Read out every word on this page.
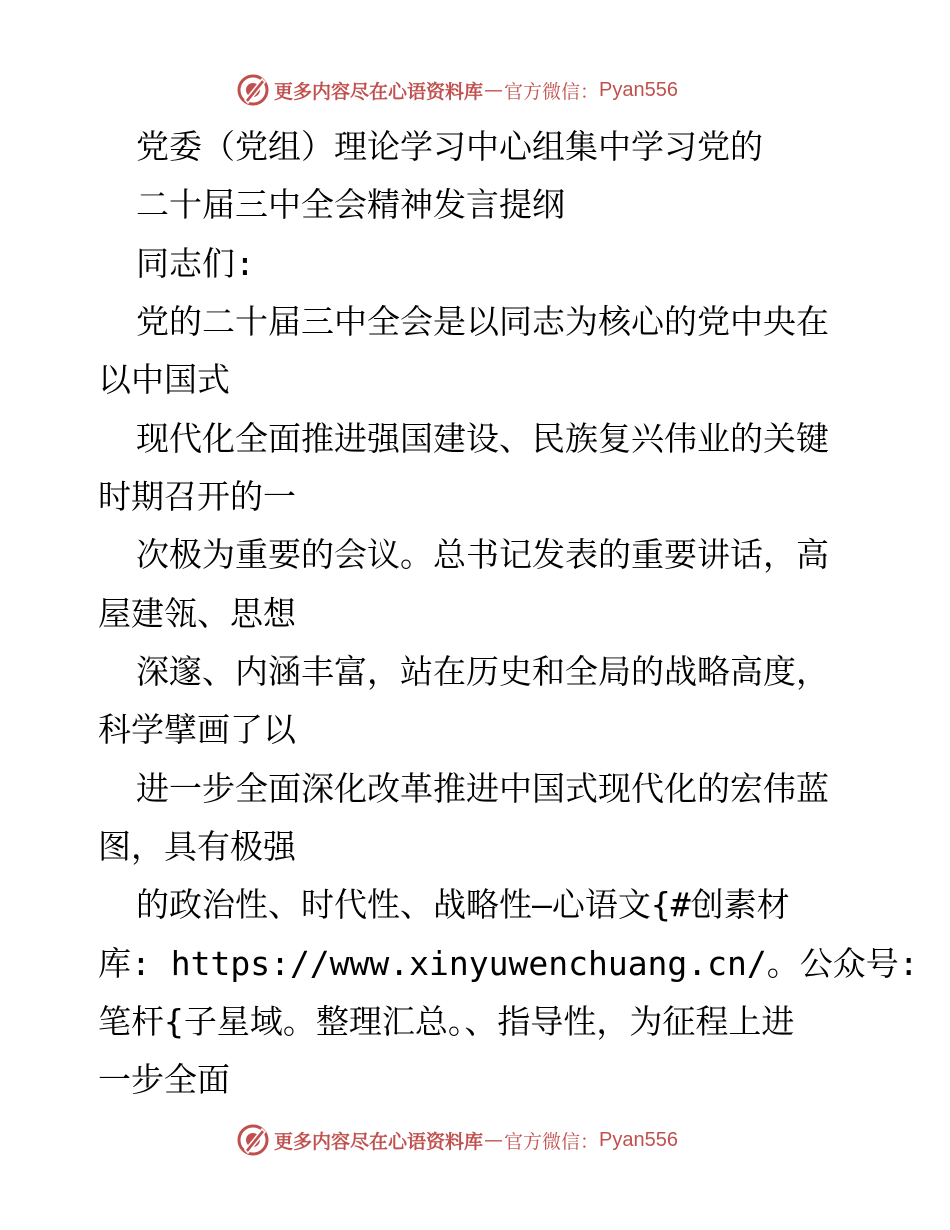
更多内容尽在心语资料库 — 官方微信： Pyan556
党委（党组）理论学习中心组集中学习党的
二十届三中全会精神发言提纲
同志们:
党的二十届三中全会是以同志为核心的党中央在
以中国式
现代化全面推进强国建设、民族复兴伟业的关键
时期召开的一
次极为重要的会议。总书记发表的重要讲话，高
屋建瓴、思想
深邃、内涵丰富，站在历史和全局的战略高度，
科学擘画了以
进一步全面深化改革推进中国式现代化的宏伟蓝
图，具有极强
的政治性、时代性、战略性—心语文{#创素材
库: https://www.xinyuwenchuang.cn/。公众号:
笔杆{子星域。整理汇总。、指导性，为征程上进
一步全面
更多内容尽在心语资料库 — 官方微信： Pyan556
